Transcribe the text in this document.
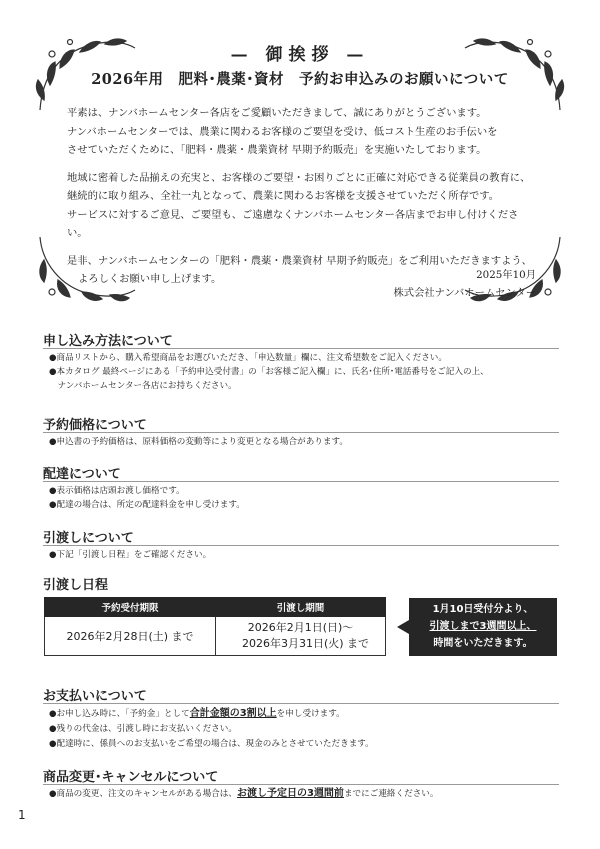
— 御挨拶 —
2026年用　肥料･農薬･資材　予約お申込みのお願いについて

平素は、ナンバホームセンター各店をご愛顧いただきまして、誠にありがとうございます。
ナンバホームセンターでは、農業に関わるお客様のご要望を受け、低コスト生産のお手伝いを
させていただくために、「肥料・農薬・農業資材 早期予約販売」を実施いたしております。

地域に密着した品揃えの充実と、お客様のご要望・お困りごとに正確に対応できる従業員の教育に、
継続的に取り組み、全社一丸となって、農業に関わるお客様を支援させていただく所存です。
サービスに対するご意見、ご要望も、ご遠慮なくナンバホームセンター各店までお申し付けください。

是非、ナンバホームセンターの「肥料・農薬・農業資材 早期予約販売」をご利用いただきますよう、
よろしくお願い申し上げます。	2025年10月
株式会社ナンバホームセンター
申し込み方法について
●商品リストから、購入希望商品をお選びいただき、「申込数量」欄に、注文希望数をご記入ください。
●本カタログ 最終ページにある「予約申込受付書」の「お客様ご記入欄」に、氏名･住所･電話番号をご記入の上、
　ナンバホームセンター各店にお持ちください。
予約価格について
●申込書の予約価格は、原料価格の変動等により変更となる場合があります。
配達について
●表示価格は店頭お渡し価格です。
●配達の場合は、所定の配達料金を申し受けます。
引渡しについて
●下記「引渡し日程」をご確認ください。
引渡し日程
予約受付期限	引渡し期間
2026年2月28日(土) まで	2026年2月1日(日)～
2026年3月31日(火) まで
1月10日受付分より、
引渡しまで3週間以上、
時間をいただきます。
お支払いについて
●お申し込み時に、「予約金」として合計金額の3割以上を申し受けます。
●残りの代金は、引渡し時にお支払いください。
●配達時に、係員へのお支払いをご希望の場合は、現金のみとさせていただきます。
商品変更･キャンセルについて
●商品の変更、注文のキャンセルがある場合は、お渡し予定日の3週間前までにご連絡ください。
1
